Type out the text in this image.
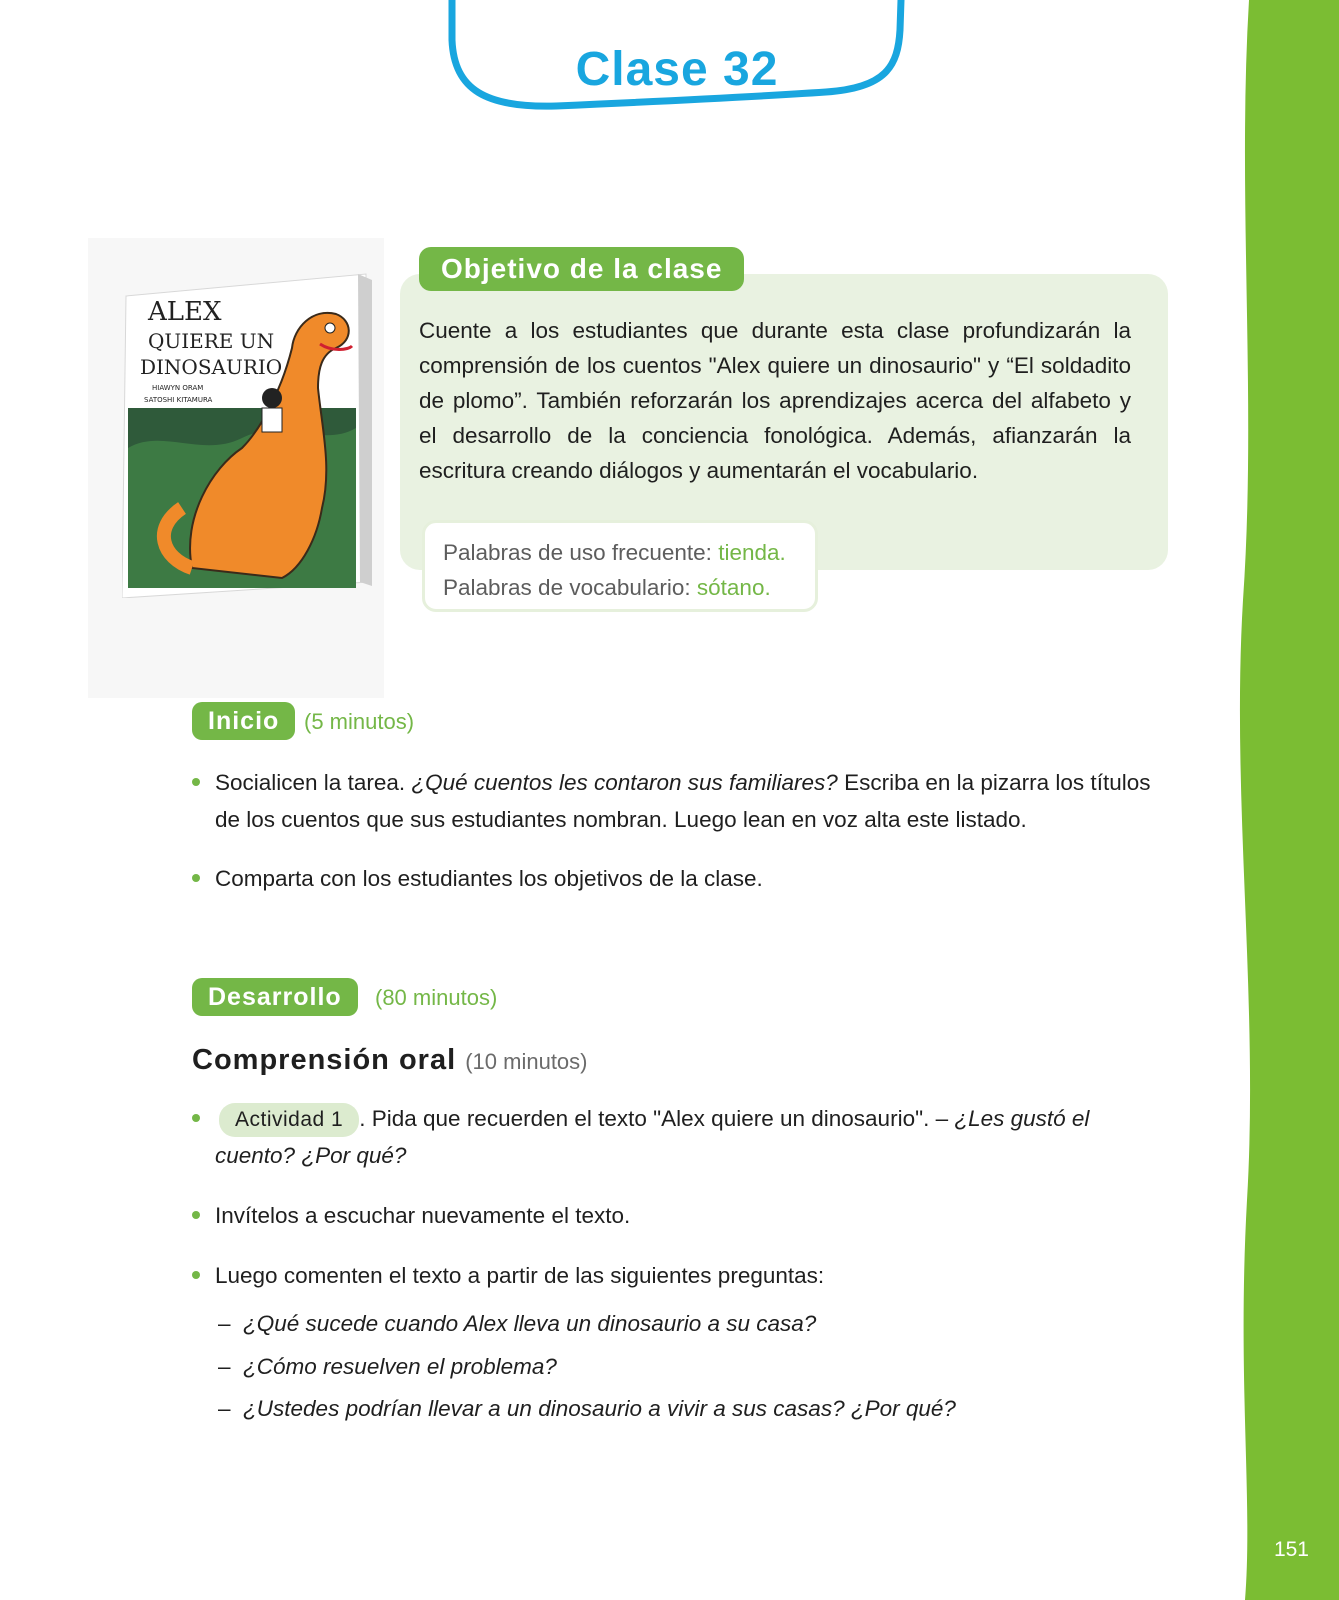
151
Clase 32
ALEX
QUIERE UN
DINOSAURIO
HIAWYN ORAM
SATOSHI KITAMURA
Objetivo de la clase
Cuente a los estudiantes que durante esta clase profundizarán la comprensión de los cuentos "Alex quiere un dinosaurio" y “El soldadito de plomo”. También reforzarán los aprendizajes acerca del alfabeto y el desarrollo de la conciencia fonológica. Además, afianzarán la escritura creando diálogos y aumentarán el vocabulario.
Palabras de uso frecuente: tienda.
Palabras de vocabulario: sótano.
Inicio	(5 minutos)
Socialicen la tarea. ¿Qué cuentos les contaron sus familiares? Escriba en la pizarra los títulos de los cuentos que sus estudiantes nombran. Luego lean en voz alta este listado.
Comparta con los estudiantes los objetivos de la clase.
Desarrollo	(80 minutos)
Comprensión oral (10 minutos)
Actividad 1 . Pida que recuerden el texto "Alex quiere un dinosaurio". – ¿Les gustó el cuento? ¿Por qué?
Invítelos a escuchar nuevamente el texto.
Luego comenten el texto a partir de las siguientes preguntas:
– ¿Qué sucede cuando Alex lleva un dinosaurio a su casa?
– ¿Cómo resuelven el problema?
– ¿Ustedes podrían llevar a un dinosaurio a vivir a sus casas? ¿Por qué?
